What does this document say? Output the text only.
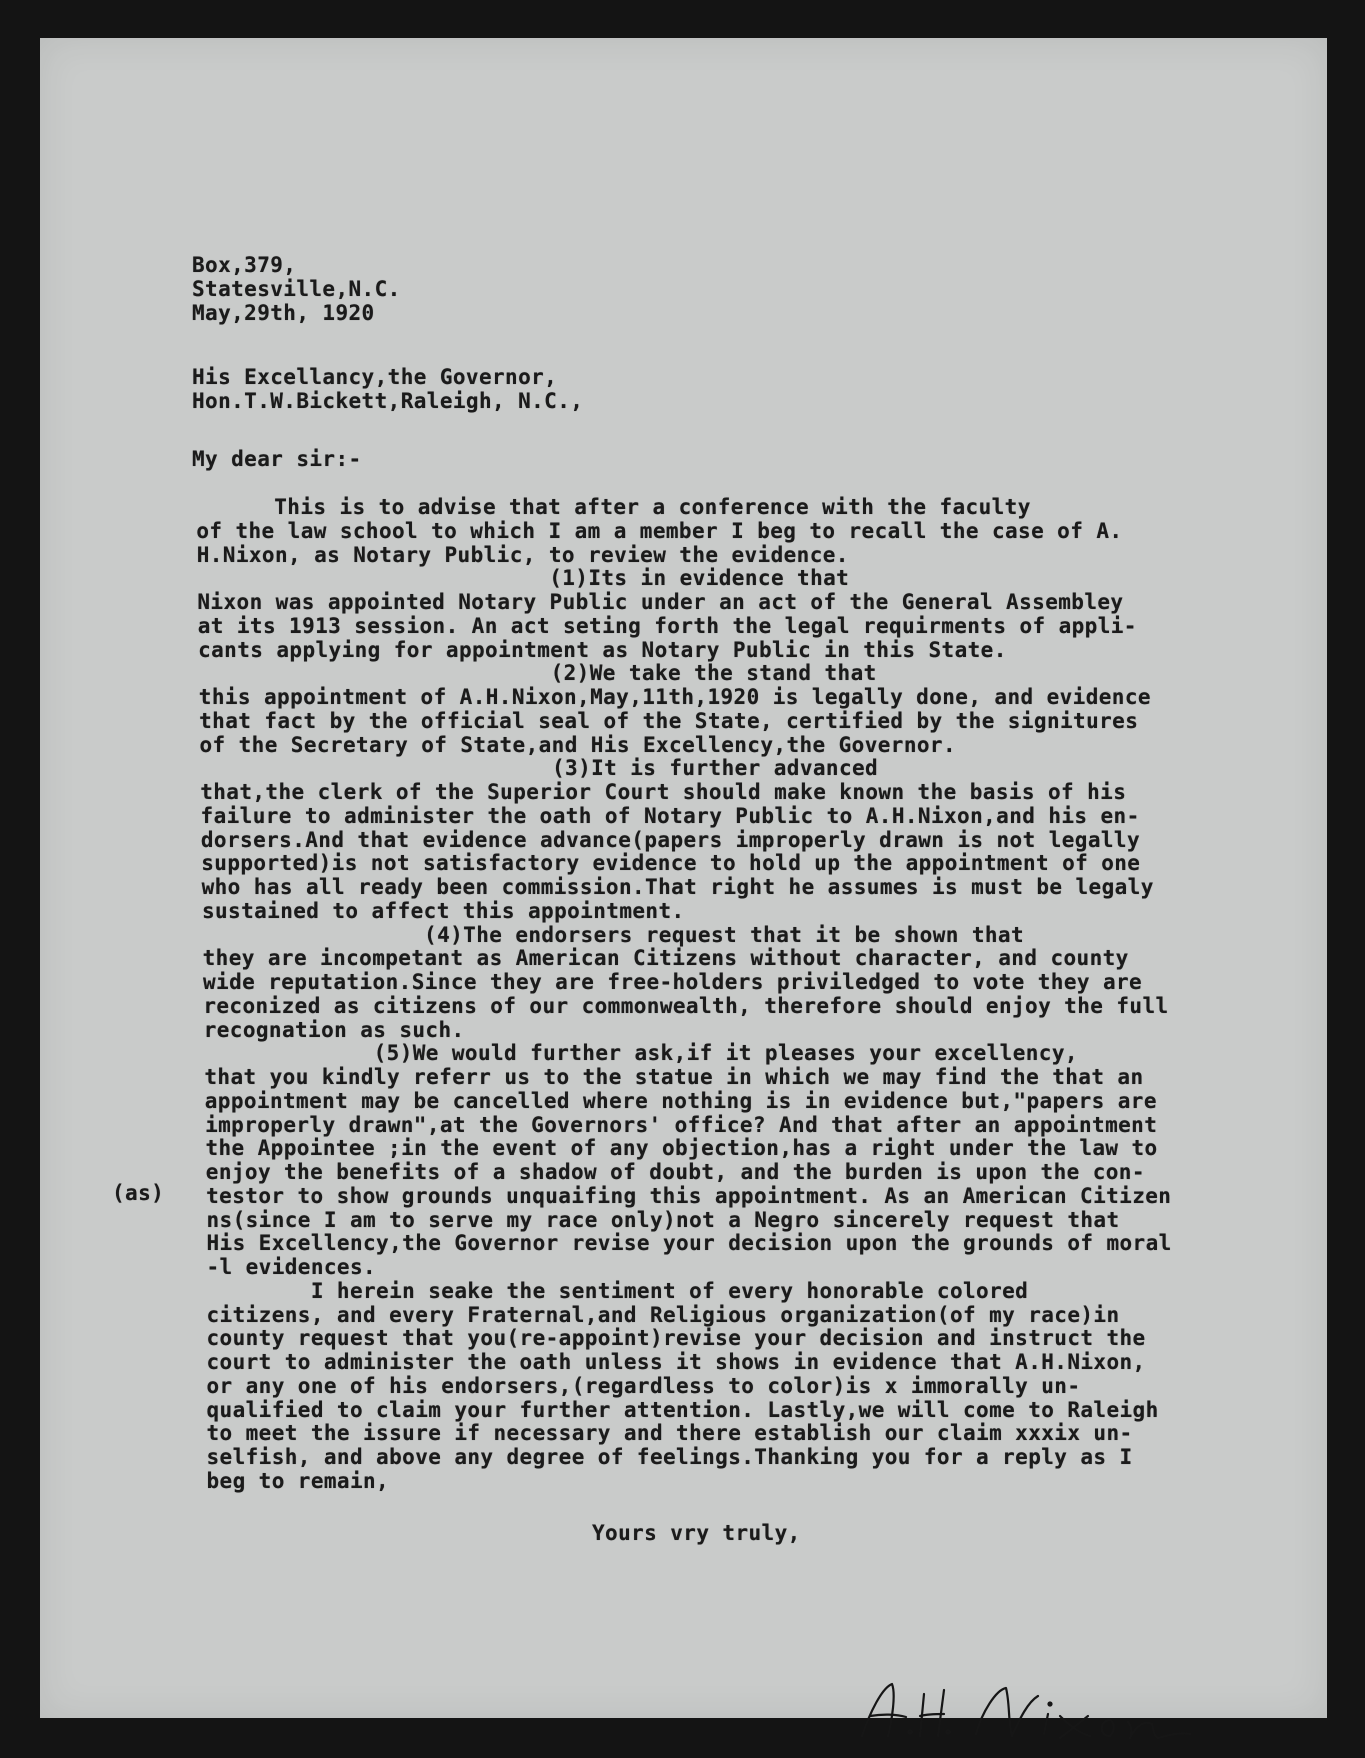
Box,379,
Statesville,N.C.
May,29th, 1920
His Excellancy,the Governor,
Hon.T.W.Bickett,Raleigh, N.C.,
My dear sir:-
(as)
This is to advise that after a conference with the faculty
of the law school to which I am a member I beg to recall the case of A.
H.Nixon, as Notary Public, to review the evidence.
(1)Its in evidence that
Nixon was appointed Notary Public under an act of the General Assembley
at its 1913 session. An act seting forth the legal requirments of appli-
cants applying for appointment as Notary Public in this State.
(2)We take the stand that
this appointment of A.H.Nixon,May,11th,1920 is legally done, and evidence
that fact by the official seal of the State, certified by the signitures
of the Secretary of State,and His Excellency,the Governor.
(3)It is further advanced
that,the clerk of the Superior Court should make known the basis of his
failure to administer the oath of Notary Public to A.H.Nixon,and his en-
dorsers.And that evidence advance(papers improperly drawn is not legally
supported)is not satisfactory evidence to hold up the appointment of one
who has all ready been commission.That right he assumes is must be legaly
sustained to affect this appointment.
(4)The endorsers request that it be shown that
they are incompetant as American Citizens without character, and county
wide reputation.Since they are free-holders priviledged to vote they are
reconized as citizens of our commonwealth, therefore should enjoy the full
recognation as such.
(5)We would further ask,if it pleases your excellency,
that you kindly referr us to the statue in which we may find the that an
appointment may be cancelled where nothing is in evidence but,"papers are
improperly drawn",at the Governors' office? And that after an appointment
the Appointee ;in the event of any objection,has a right under the law to
enjoy the benefits of a shadow of doubt, and the burden is upon the con-
testor to show grounds unquaifing this appointment. As an American Citizen
ns(since I am to serve my race only)not a Negro sincerely request that
His Excellency,the Governor revise your decision upon the grounds of moral
-l evidences.
I herein seake the sentiment of every honorable colored
citizens, and every Fraternal,and Religious organization(of my race)in
county request that you(re-appoint)revise your decision and instruct the
court to administer the oath unless it shows in evidence that A.H.Nixon,
or any one of his endorsers,(regardless to color)is x immorally un-
qualified to claim your further attention. Lastly,we will come to Raleigh
to meet the issure if necessary and there establish our claim xxxix un-
selfish, and above any degree of feelings.Thanking you for a reply as I
beg to remain,
Yours vry truly,
